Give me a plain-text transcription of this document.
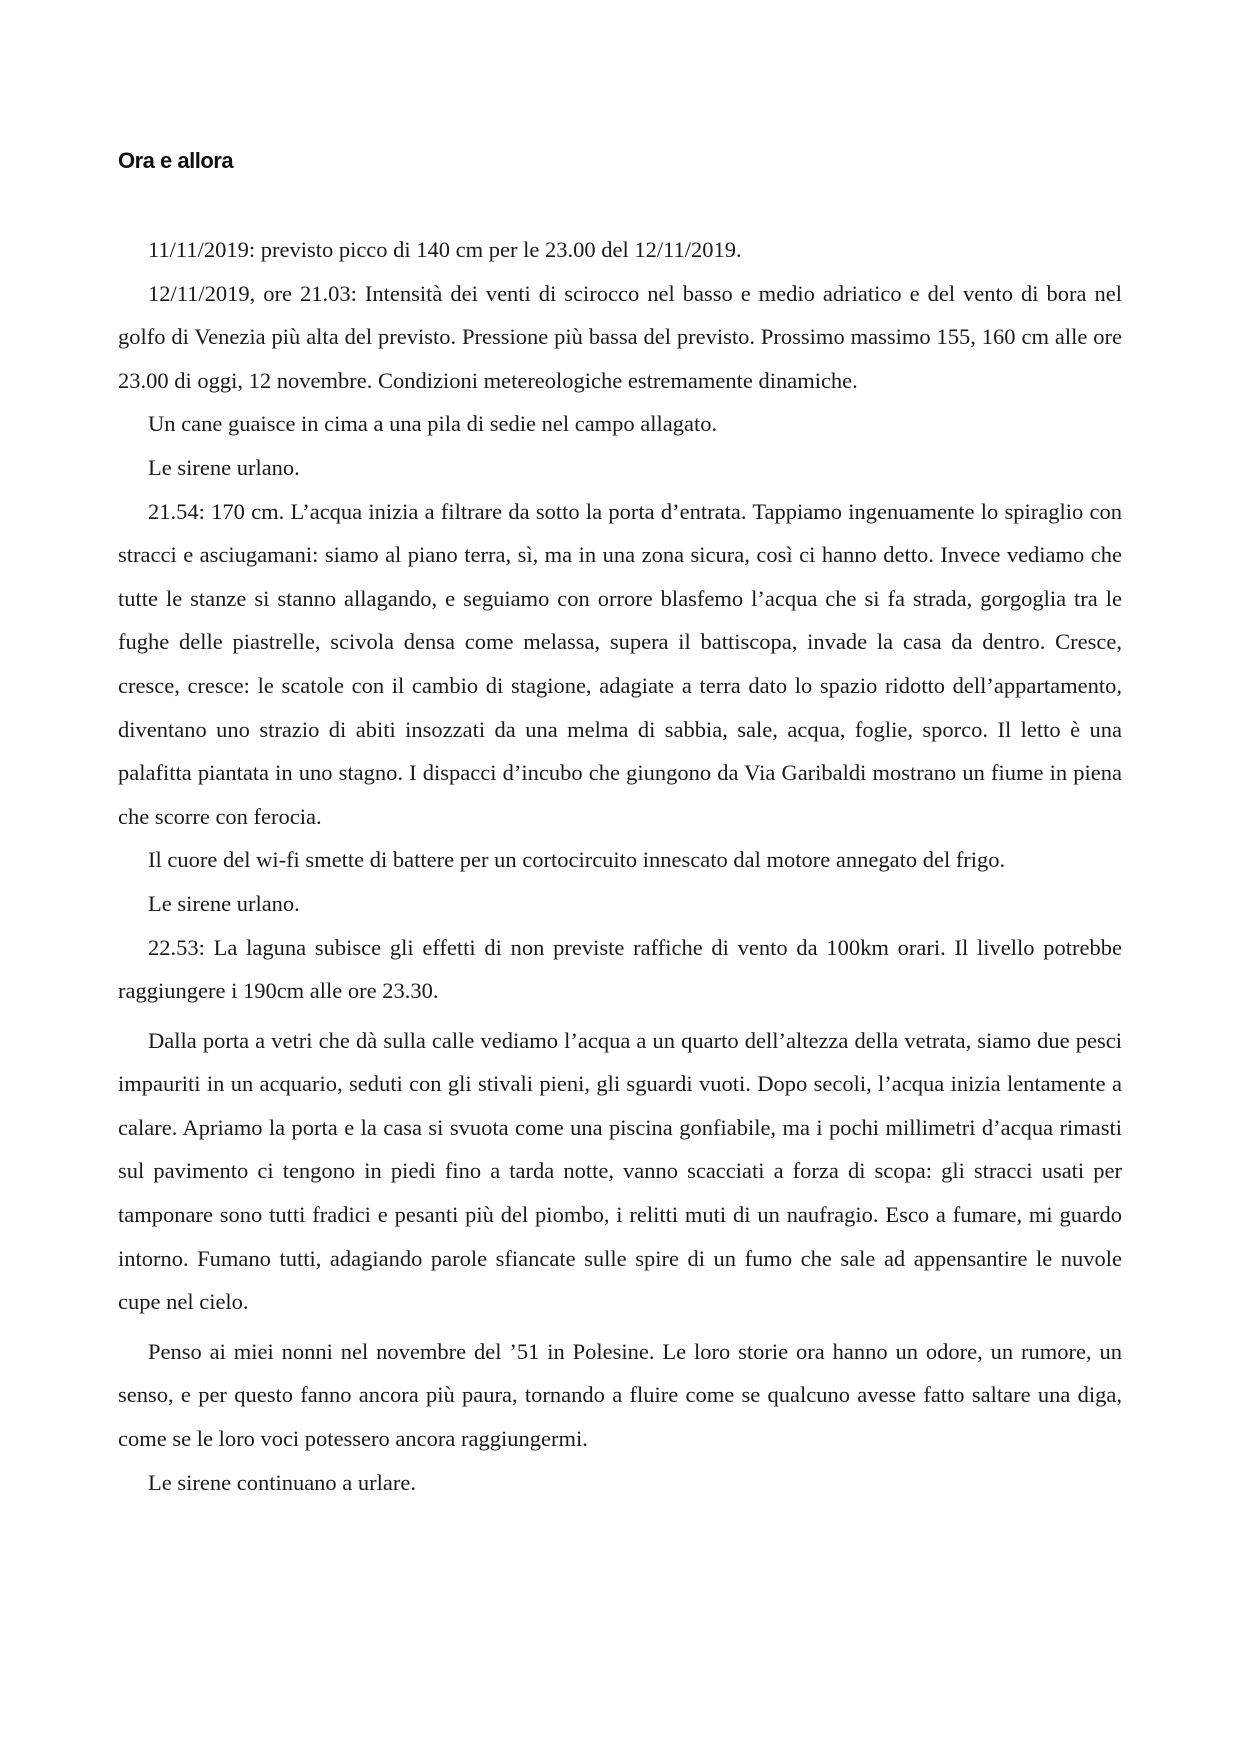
Ora e allora

11/11/2019: previsto picco di 140 cm per le 23.00 del 12/11/2019.

12/11/2019, ore 21.03: Intensità dei venti di scirocco nel basso e medio adriatico e del vento di bora nel golfo di Venezia più alta del previsto. Pressione più bassa del previsto. Prossimo massimo 155, 160 cm alle ore 23.00 di oggi, 12 novembre. Condizioni metereologiche estremamente dinamiche.

Un cane guaisce in cima a una pila di sedie nel campo allagato.

Le sirene urlano.

21.54: 170 cm. L’acqua inizia a filtrare da sotto la porta d’entrata. Tappiamo ingenuamente lo spiraglio con stracci e asciugamani: siamo al piano terra, sì, ma in una zona sicura, così ci hanno detto. Invece vediamo che tutte le stanze si stanno allagando, e seguiamo con orrore blasfemo l’acqua che si fa strada, gorgoglia tra le fughe delle piastrelle, scivola densa come melassa, supera il battiscopa, invade la casa da dentro. Cresce, cresce, cresce: le scatole con il cambio di stagione, adagiate a terra dato lo spazio ridotto dell’appartamento, diventano uno strazio di abiti insozzati da una melma di sabbia, sale, acqua, foglie, sporco. Il letto è una palafitta piantata in uno stagno. I dispacci d’incubo che giungono da Via Garibaldi mostrano un fiume in piena che scorre con ferocia.

Il cuore del wi-fi smette di battere per un cortocircuito innescato dal motore annegato del frigo.

Le sirene urlano.

22.53: La laguna subisce gli effetti di non previste raffiche di vento da 100km orari. Il livello potrebbe raggiungere i 190cm alle ore 23.30.

Dalla porta a vetri che dà sulla calle vediamo l’acqua a un quarto dell’altezza della vetrata, siamo due pesci impauriti in un acquario, seduti con gli stivali pieni, gli sguardi vuoti. Dopo secoli, l’acqua inizia lentamente a calare. Apriamo la porta e la casa si svuota come una piscina gonfiabile, ma i pochi millimetri d’acqua rimasti sul pavimento ci tengono in piedi fino a tarda notte, vanno scacciati a forza di scopa: gli stracci usati per tamponare sono tutti fradici e pesanti più del piombo, i relitti muti di un naufragio. Esco a fumare, mi guardo intorno. Fumano tutti, adagiando parole sfiancate sulle spire di un fumo che sale ad appensantire le nuvole cupe nel cielo.

Penso ai miei nonni nel novembre del ’51 in Polesine. Le loro storie ora hanno un odore, un rumore, un senso, e per questo fanno ancora più paura, tornando a fluire come se qualcuno avesse fatto saltare una diga, come se le loro voci potessero ancora raggiungermi.

Le sirene continuano a urlare.
